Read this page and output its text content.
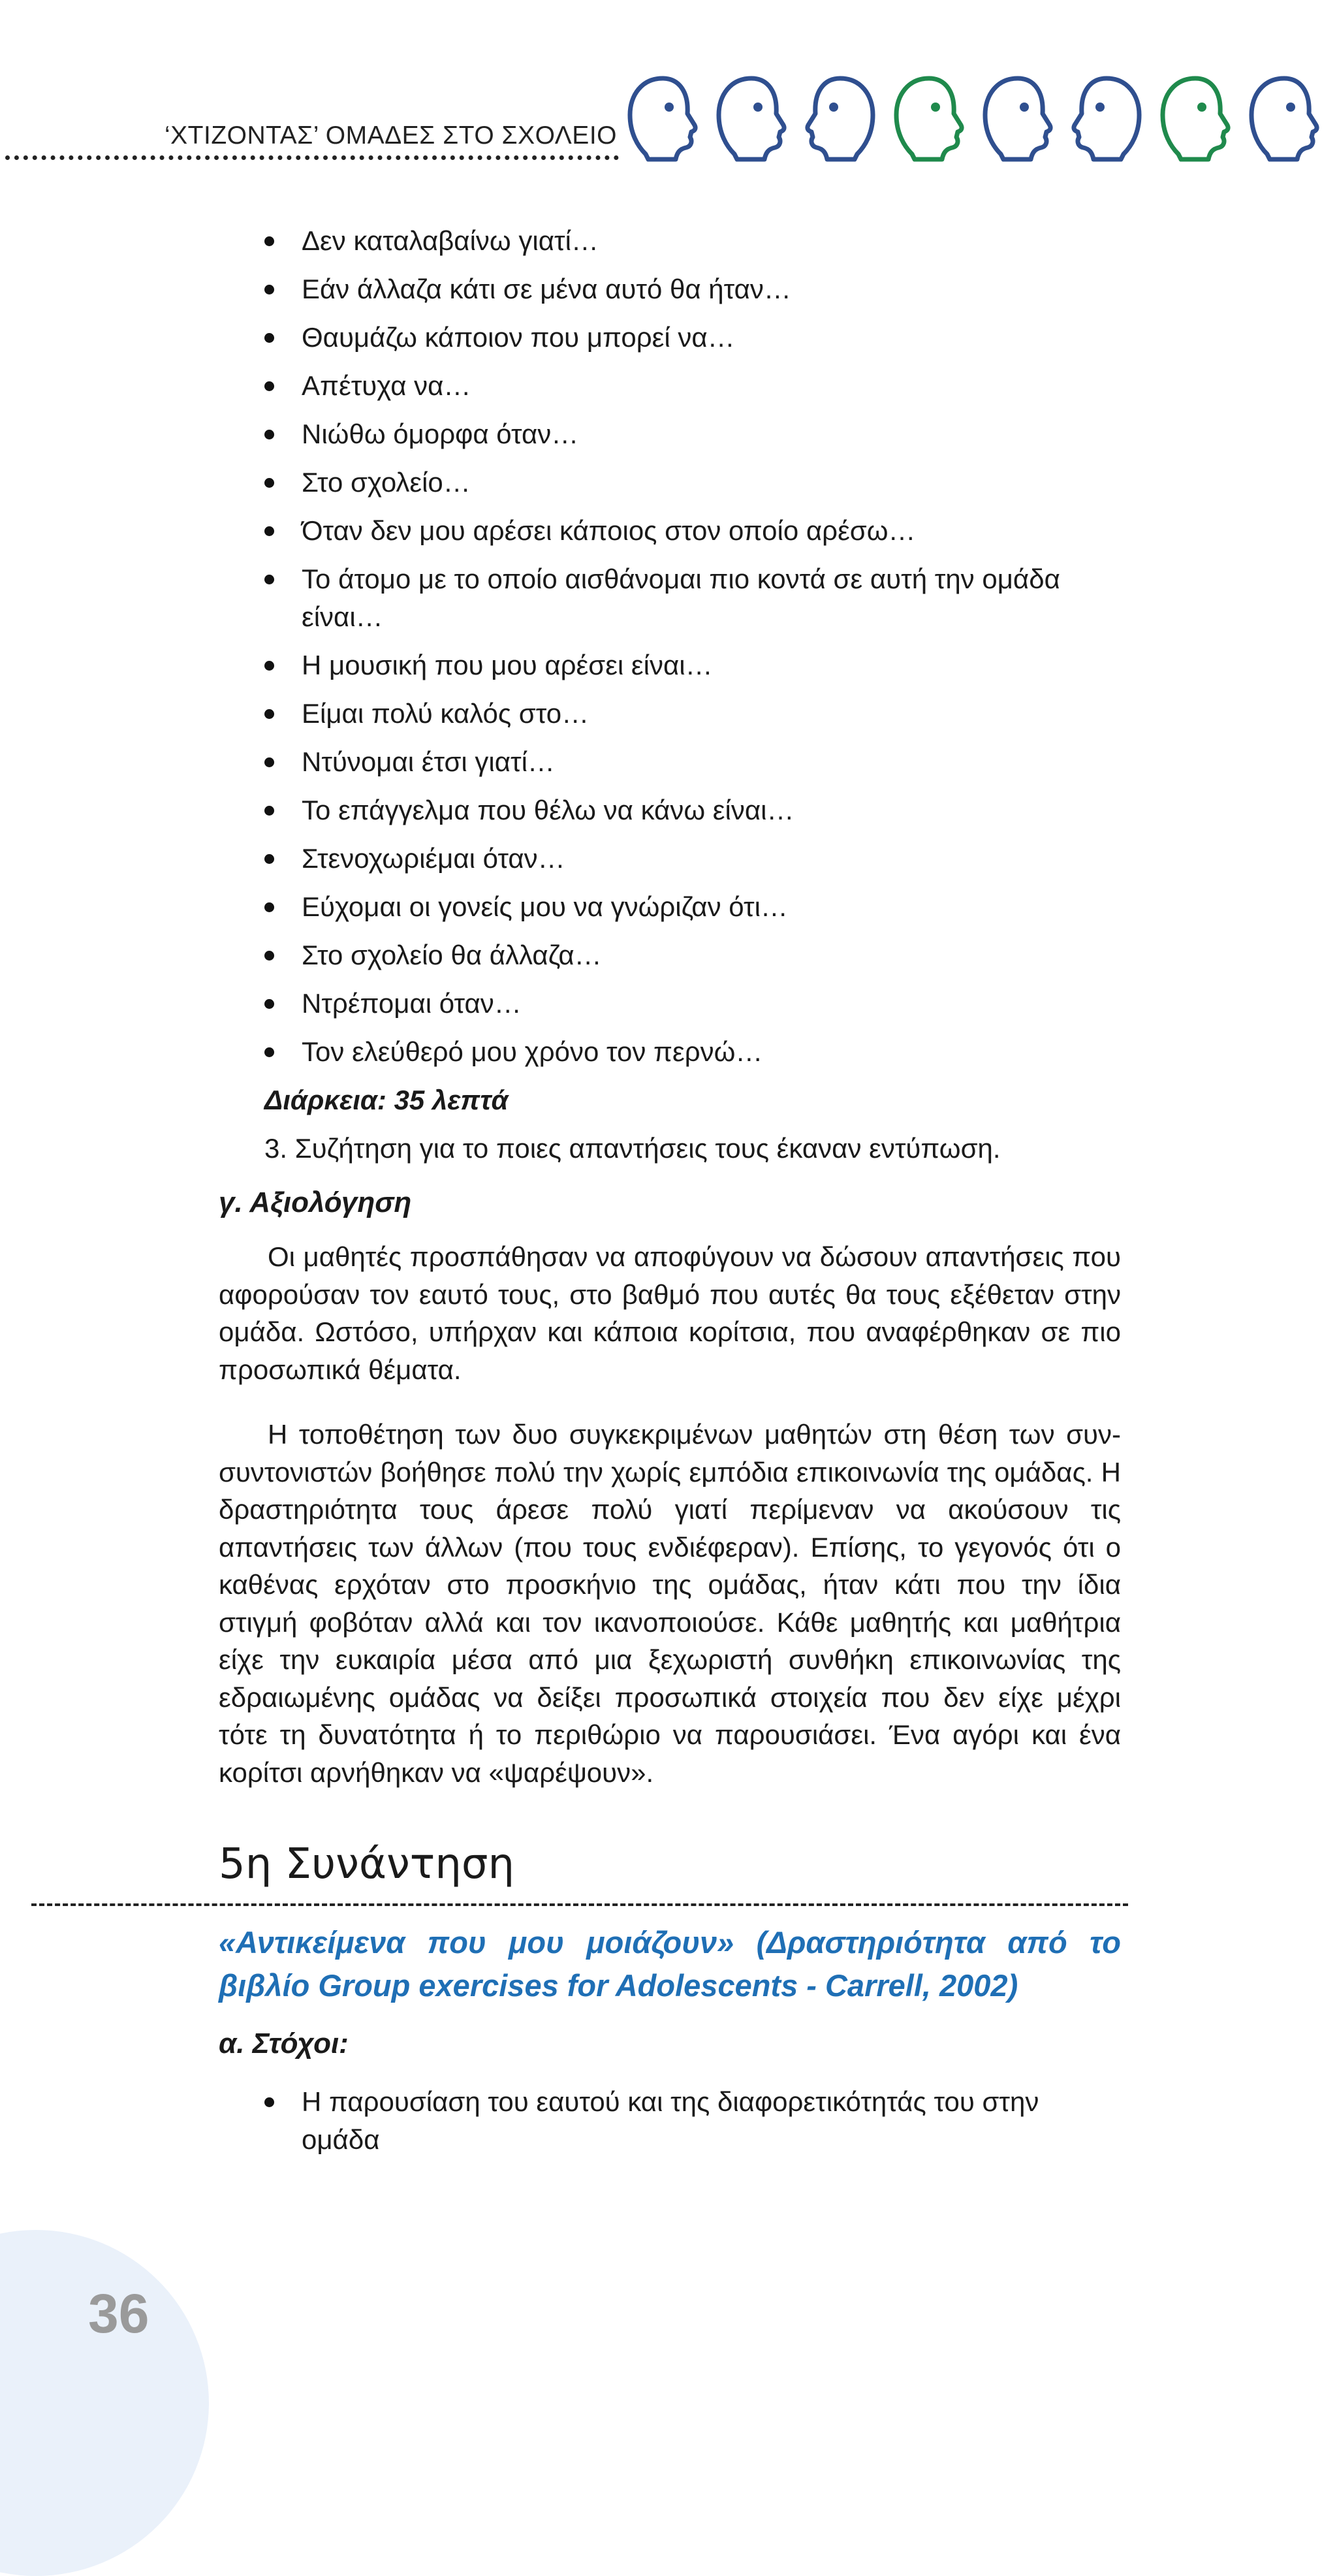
‘ΧΤΙΖΟΝΤΑΣ’ ΟΜΑΔΕΣ ΣΤΟ ΣΧΟΛΕΙΟ
Δεν καταλαβαίνω γιατί…
Εάν άλλαζα κάτι σε μένα αυτό θα ήταν…
Θαυμάζω κάποιον που μπορεί να…
Απέτυχα να…
Νιώθω όμορφα όταν…
Στο σχολείο…
Όταν δεν μου αρέσει κάποιος στον οποίο αρέσω…
Το άτομο με το οποίο αισθάνομαι πιο κοντά σε αυτή την ομάδα είναι…
Η μουσική που μου αρέσει είναι…
Είμαι πολύ καλός στο…
Ντύνομαι έτσι γιατί…
Το επάγγελμα που θέλω να κάνω είναι…
Στενοχωριέμαι όταν…
Εύχομαι οι γονείς μου να γνώριζαν ότι…
Στο σχολείο θα άλλαζα…
Ντρέπομαι όταν…
Τον ελεύθερό μου χρόνο τον περνώ…
Διάρκεια: 35 λεπτά
3. Συζήτηση για το ποιες απαντήσεις τους έκαναν εντύπωση.
γ. Αξιολόγηση

Οι μαθητές προσπάθησαν να αποφύγουν να δώσουν απαντήσεις που αφορούσαν τον εαυτό τους, στο βαθμό που αυτές θα τους εξέθεταν στην ομάδα. Ωστόσο, υπήρχαν και κάποια κορίτσια, που αναφέρθηκαν σε πιο προσωπικά θέματα.

Η τοποθέτηση των δυο συγκεκριμένων μαθητών στη θέση των συν-συντονιστών βοήθησε πολύ την χωρίς εμπόδια επικοινωνία της ομάδας. Η δραστηριότητα τους άρεσε πολύ γιατί περίμεναν να ακούσουν τις απαντήσεις των άλλων (που τους ενδιέφεραν). Επίσης, το γεγονός ότι ο καθένας ερχόταν στο προσκήνιο της ομάδας, ήταν κάτι που την ίδια στιγμή φοβόταν αλλά και τον ικανοποιούσε. Κάθε μαθητής και μαθήτρια είχε την ευκαιρία μέσα από μια ξεχωριστή συνθήκη επικοινωνίας της εδραιωμένης ομάδας να δείξει προσωπικά στοιχεία που δεν είχε μέχρι τότε τη δυνατότητα ή το περιθώριο να παρουσιάσει. Ένα αγόρι και ένα κορίτσι αρνήθηκαν να «ψαρέψουν».

5η Συνάντηση
«Αντικείμενα που μου μοιάζουν» (Δραστηριότητα από το βιβλίο Group exercises for Adolescents - Carrell, 2002)
α. Στόχοι:
Η παρουσίαση του εαυτού και της διαφορετικότητάς του στην ομάδα
36
